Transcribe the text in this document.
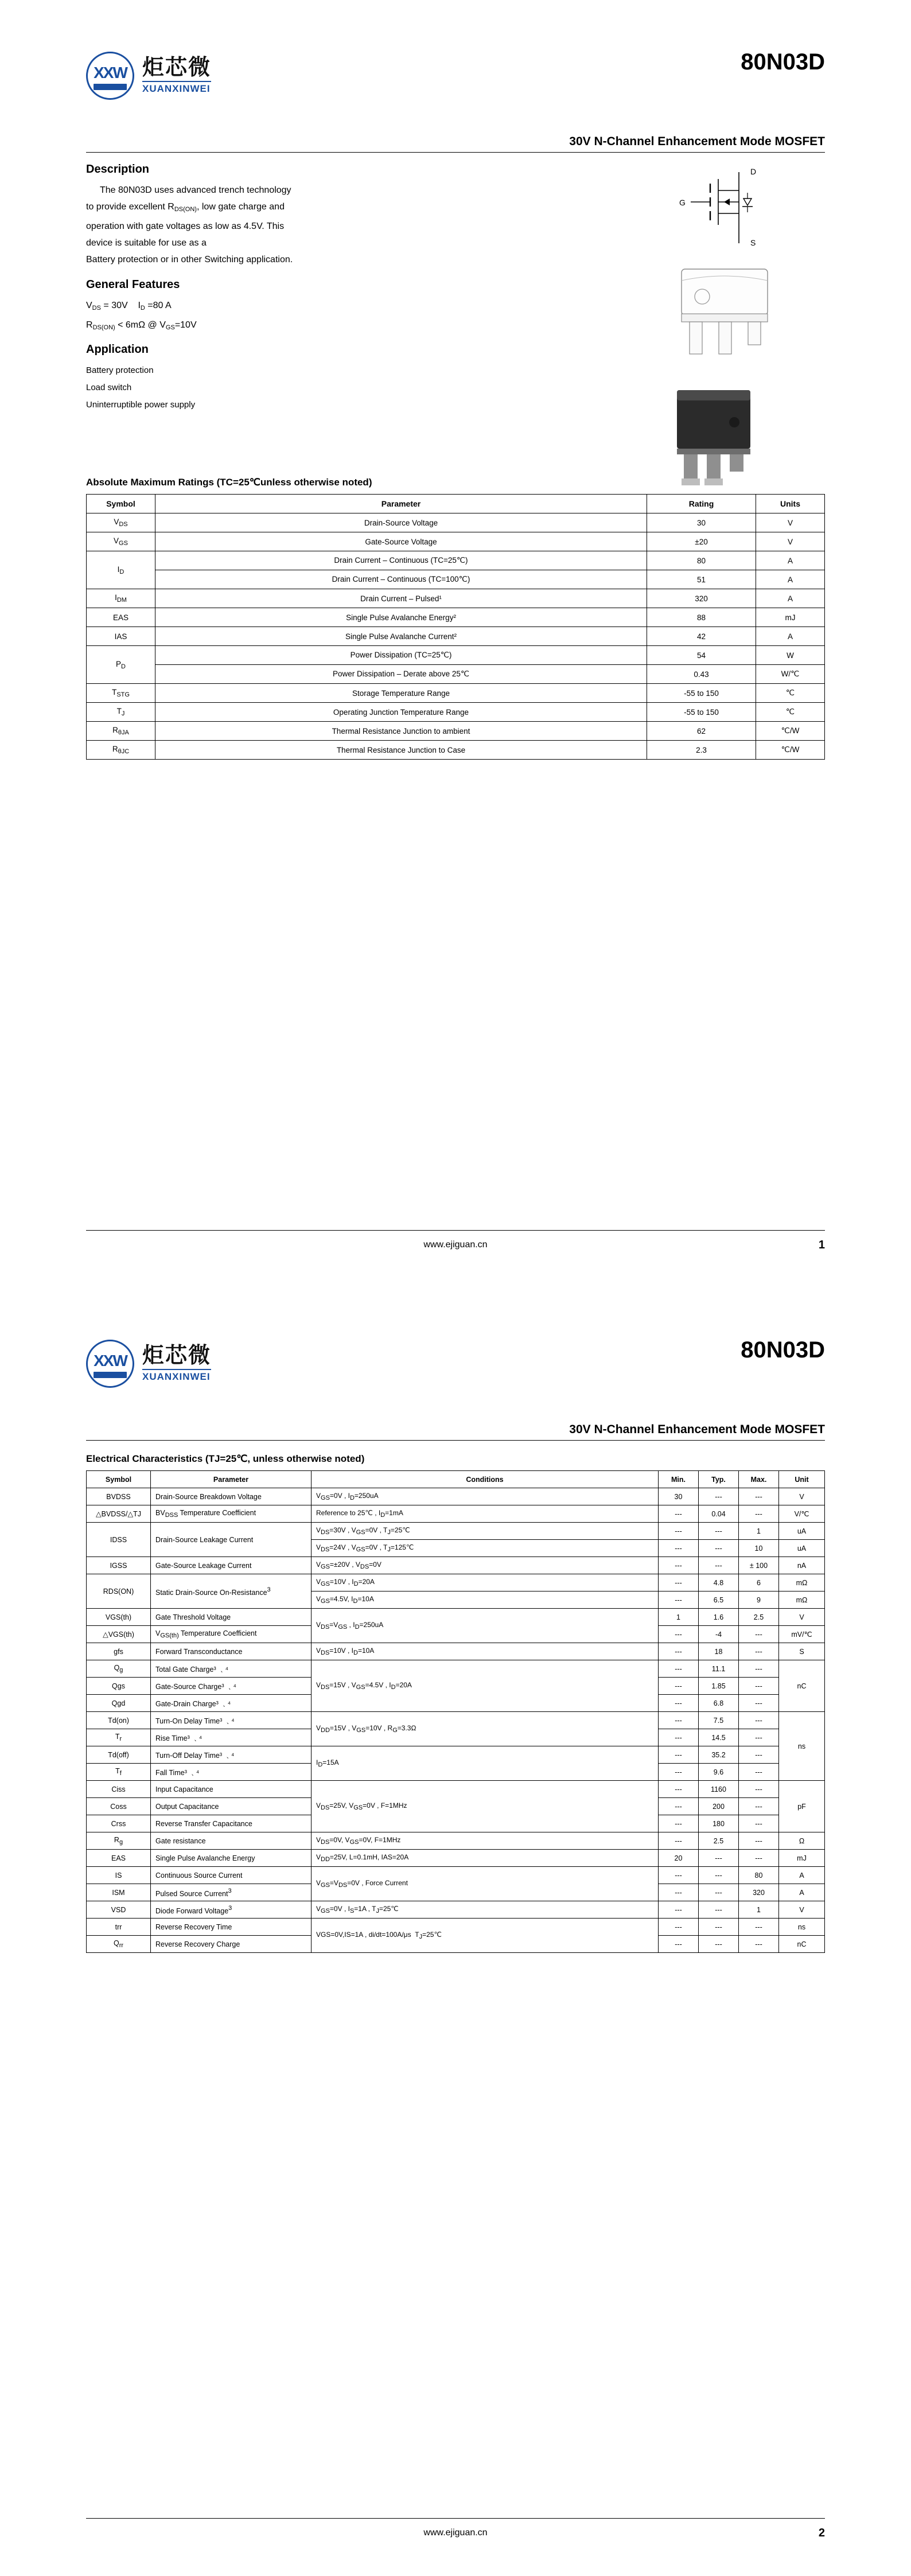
XXW 炬芯微
XUANXINWEI
80N03D
30V N-Channel Enhancement Mode MOSFET
D
G
S
Description

The 80N03D uses advanced trench technology

to provide excellent $R_{DS(ON)}$, low gate charge and

operation with gate voltages as low as 4.5V. This

device is suitable for use as a

Battery protection or in other Switching application.

General Features

$V_{DS} = 30V$    $I_D =80$ A

$R_{DS(ON)} < 6m\Omega$ @ $V_{GS}=10V$

Application

Battery protection

Load switch

Uninterruptible power supply

Absolute Maximum Ratings (TC=25℃unless otherwise noted)
Symbol	Parameter	Rating	Units
$V_{DS}$	Drain-Source Voltage	30	V
$V_{GS}$	Gate-Source Voltage	±20	V
$I_D$	Drain Current – Continuous (TC=25℃)	80	A
	Drain Current – Continuous (TC=100℃)	51	A
$I_{DM}$	Drain Current – Pulsed¹	320	A
EAS	Single Pulse Avalanche Energy²	88	mJ
IAS	Single Pulse Avalanche Current²	42	A
$P_D$	Power Dissipation (TC=25℃)	54	W
	Power Dissipation – Derate above 25℃	0.43	W/℃
$T_{STG}$	Storage Temperature Range	-55 to 150	℃
$T_J$	Operating Junction Temperature Range	-55 to 150	℃
$R_{\theta JA}$	Thermal Resistance Junction to ambient	62	℃/W
$R_{\theta JC}$	Thermal Resistance Junction to Case	2.3	℃/W
www.ejiguan.cn	1
XXW 炬芯微
XUANXINWEI
80N03D
30V N-Channel Enhancement Mode MOSFET
Electrical Characteristics (TJ=25℃, unless otherwise noted)
Symbol	Parameter	Conditions	Min.	Typ.	Max.	Unit
BVDSS	Drain-Source Breakdown Voltage	VGS=0V , ID=250uA	30	---	---	V
△BVDSS/△TJ	BVDSS Temperature Coefficient	Reference to 25℃ , ID=1mA	---	0.04	---	V/℃
IDSS	Drain-Source Leakage Current	VDS=30V , VGS=0V , TJ=25℃	---	---	1	uA
		VDS=24V , VGS=0V , TJ=125℃	---	---	10	uA
IGSS	Gate-Source Leakage Current	VGS=±20V , VDS=0V	---	---	± 100	nA
RDS(ON)	Static Drain-Source On-Resistance3	VGS=10V , ID=20A	---	4.8	6	mΩ
		VGS=4.5V, ID=10A	---	6.5	9	mΩ
VGS(th)	Gate Threshold Voltage	VDS=VGS , ID=250uA	1	1.6	2.5	V
△VGS(th)	VGS(th) Temperature Coefficient		---	-4	---	mV/℃
gfs	Forward Transconductance	VDS=10V , ID=10A	---	18	---	S
Qg	Total Gate Charge³ ﹑⁴	VDS=15V , VGS=4.5V , ID=20A	---	11.1	---	nC
Qgs	Gate-Source Charge³ ﹑⁴		---	1.85	---	
Qgd	Gate-Drain Charge³ ﹑⁴		---	6.8	---	
Td(on)	Turn-On Delay Time³ ﹑⁴	VDD=15V , VGS=10V , RG=3.3Ω	---	7.5	---	ns
Tr	Rise Time³ ﹑⁴		---	14.5	---	
Td(off)	Turn-Off Delay Time³ ﹑⁴	ID=15A	---	35.2	---	
Tf	Fall Time³ ﹑⁴		---	9.6	---	
Ciss	Input Capacitance	VDS=25V, VGS=0V , F=1MHz	---	1160	---	pF
Coss	Output Capacitance		---	200	---	
Crss	Reverse Transfer Capacitance		---	180	---	
Rg	Gate resistance	VDS=0V, VGS=0V, F=1MHz	---	2.5	---	Ω
EAS	Single Pulse Avalanche Energy	VDD=25V, L=0.1mH, IAS=20A	20	---	---	mJ
IS	Continuous Source Current	VGS=VDS=0V , Force Current	---	---	80	A
ISM	Pulsed Source Current3		---	---	320	A
VSD	Diode Forward Voltage3	VGS=0V , IS=1A , TJ=25℃	---	---	1	V
trr	Reverse Recovery Time	VGS=0V,IS=1A , di/dt=100A/μs  TJ=25℃	---	---	---	ns
Qrr	Reverse Recovery Charge		---	---	---	nC
www.ejiguan.cn	2
